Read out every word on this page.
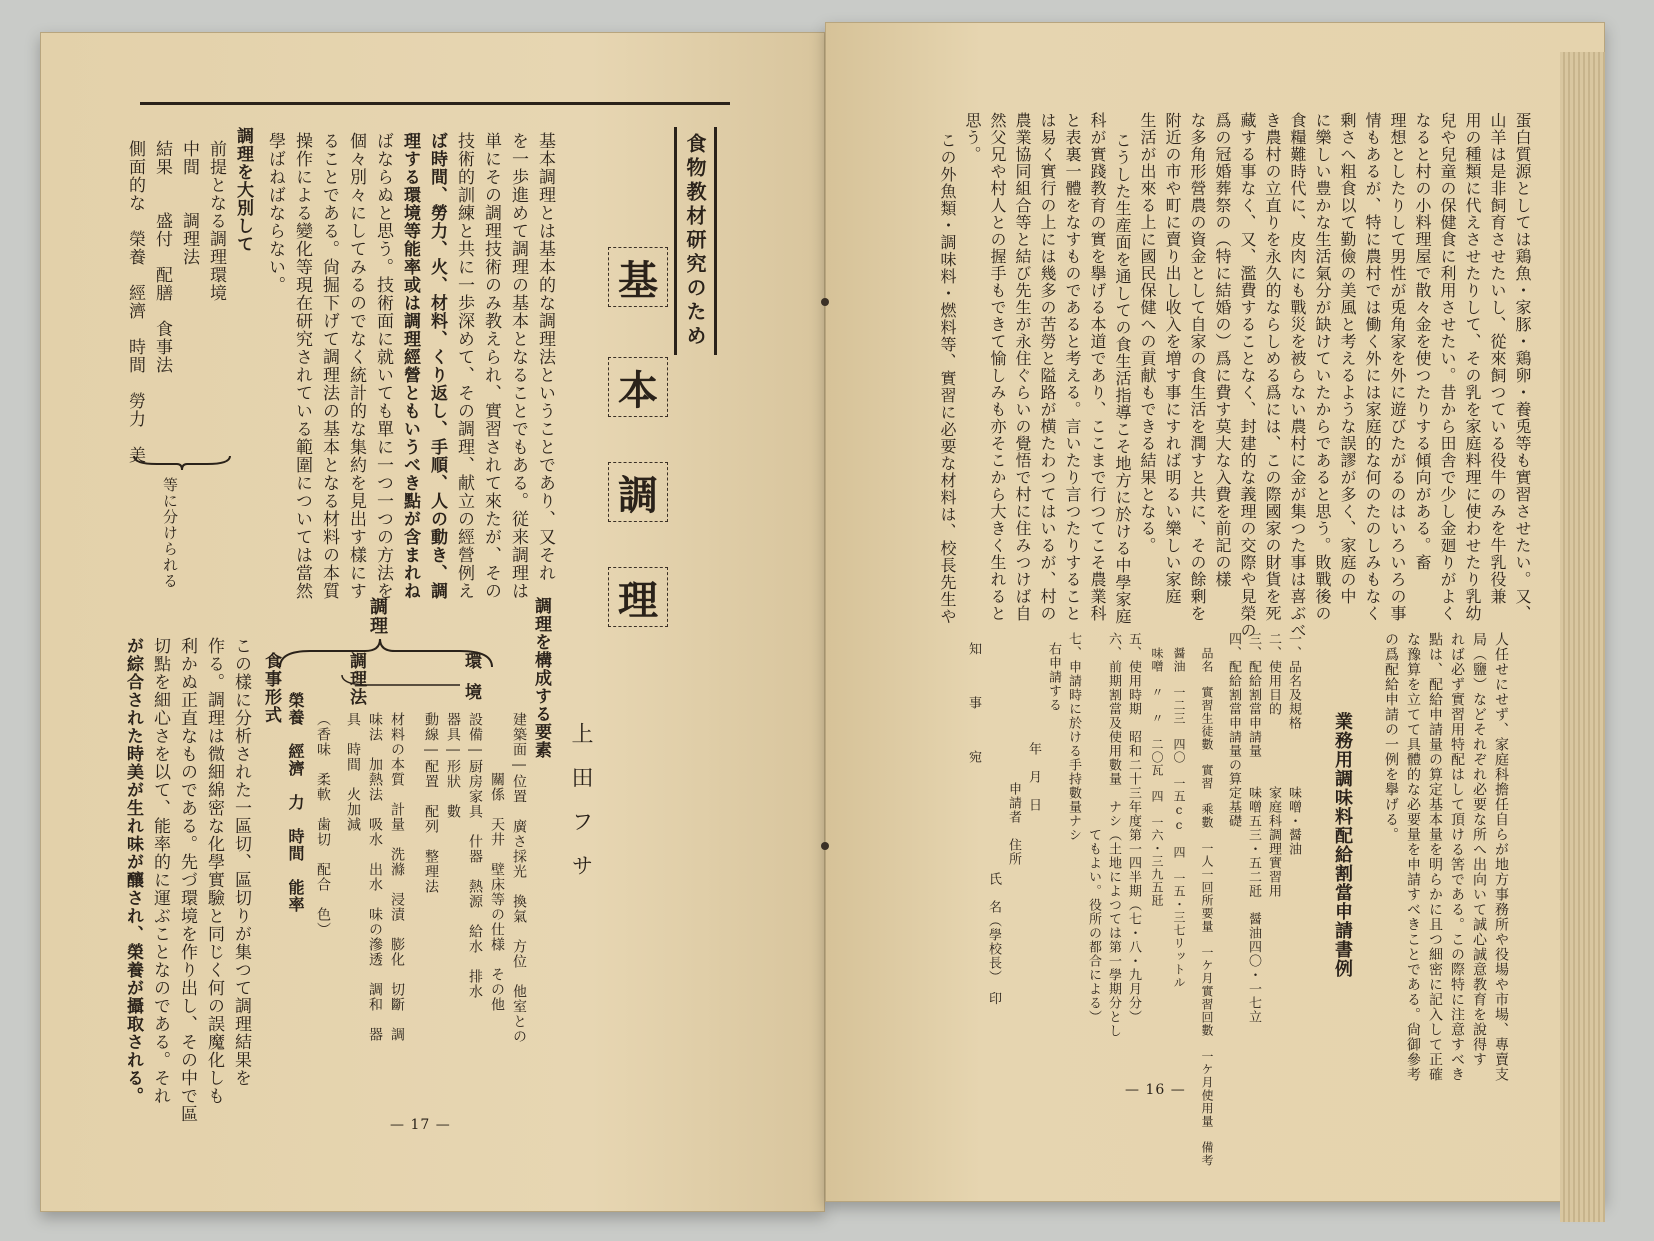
食物教材研究のため
基
本
調
理
上田フサ
基本調理とは基本的な調理法ということであり、又それ
を一歩進めて調理の基本となることでもある。従来調理は
単にその調理技術のみ教えられ、實習されて來たが、その
技術的訓練と共に一歩深めて、その調理、献立の經營例え
ば時間、勞力、火、材料、くり返し、手順、人の動き、調
理する環境等能率或は調理經營ともいうべき點が含まれね
ばならぬと思う。技術面に就いても單に一つ一つの方法を
個々別々にしてみるのでなく統計的な集約を見出す樣にす
ることである。尙掘下げて調理法の基本となる材料の本質
操作による變化等現在研究されている範圍については當然
學ばねばならない。
調理を大別して
前提となる調理環境
中間　　調理法
結果　　盛付　配膳　食事法
側面的な　榮養　經濟　時間　勞力　美
等に分けられる
調理を構成する要素
調理
環境
調理法
食事形式
榮養　經濟　力　時間　能率	建築面―位置　廣さ採光　換氣　方位　他室との
　　　　關係　天井　壁床等の仕様　その他
設備―厨房家具　什器　熱源　給水　排水
器具―形狀　數
動線―配置　配列　整理法
材料の本質　計量　洗滌　浸漬　膨化　切斷　調
味法　加熱法　吸水　出水　味の滲透　調和　器
具　時間　火加減
（香味　柔軟　歯切　配合　色）
この樣に分析された一區切、區切りが集つて調理結果を
作る。調理は微細綿密な化學實驗と同じく何の誤魔化しも
利かぬ正直なものである。先づ環境を作り出し、その中で區
切點を細心さを以て、能率的に運ぶことなのである。それ
が綜合された時美が生れ味が釀され、榮養が攝取される。
— 17 —
蛋白質源としては鶏魚・家豚・鶏卵・養兎等も實習させたい。又、
山羊は是非飼育させたいし、從來飼つている役牛のみを牛乳役兼
用の種類に代えさせたりして、その乳を家庭料理に使わせたり乳幼
兒や兒童の保健食に利用させたい。昔から田舎で少し金廻りがよく
なると村の小料理屋で散々金を使つたりする傾向がある。畜
理想としたりして男性が兎角家を外に遊びたがるのはいろいろの事
情もあるが、特に農村では働く外には家庭的な何のたのしみもなく
剰さへ粗食以て勤儉の美風と考えるような誤謬が多く、家庭の中
に樂しい豊かな生活氣分が缺けていたからであると思う。敗戰後の
食糧難時代に、皮肉にも戰災を被らない農村に金が集つた事は喜ぶべ
き農村の立直りを永久的ならしめる爲には、この際國家の財貨を死
藏する事なく、又、濫費することなく、封建的な義理の交際や見榮の
爲の冠婚葬祭の（特に結婚の）爲に費す莫大な入費を前記の樣
な多角形營農の資金として自家の食生活を潤すと共に、その餘剰を
附近の市や町に賣り出し收入を増す事にすれば明るい樂しい家庭
生活が出來る上に國民保健への貢献もできる結果となる。
こうした生産面を通しての食生活指導こそ地方に於ける中學家庭
科が實踐教育の實を擧げる本道であり、ここまで行つてこそ農業科
と表裏一體をなすものであると考える。言いたり言つたりすること
は易く實行の上には幾多の苦勞と隘路が横たわつてはいるが、村の
農業協同組合等と結び先生が永住ぐらいの覺悟で村に住みつけば自
然父兄や村人との握手もできて愉しみも亦そこから大きく生れると
思う。
この外魚類・調味料・燃料等、實習に必要な材料は、校長先生や
人任せにせず、家庭科擔任自らが地方事務所や役場や市場、專賣支
局（鹽）などそれぞれ必要な所へ出向いて誠心誠意教育を說得す
れば必ず實習用特配はして頂ける筈である。この際特に注意すべき
點は、配給申請量の算定基本量を明らかに且つ細密に記入して正確
な豫算を立てて具體的な必要量を申請すべきことである。尙御參考
の爲配給申請の一例を擧げる。
業務用調味料配給割當申請書例
一、品名及規格　　　　味噌・醤油
二、使用目的　　　　　家庭科調理實習用
三、配給割當申請量　　味噌五三・五二瓩　醤油四〇・一七立
四、配給割當申請量の算定基礎
品名　實習生徒數　實習　乘數　一人一回所要量　一ケ月實習回數　一ケ月使用量　備考
醤油　一二三　四〇　一五cc　四　一五・三七リットル
味噌　〃　〃　二〇瓦　四　一六・三九五瓩
五、使用時期　昭和二十三年度第一四半期（七・八・九月分）
六、前期割當及使用數量　ナシ（土地によつては第一學期分とし
　　　　　　　　　　　　　　てもよい。役所の都合による）
七、申請時に於ける手持數量ナシ
右申請する
年　月　日
申請者　住所
氏　名（學校長）　印
知　事　宛
— 16 —
